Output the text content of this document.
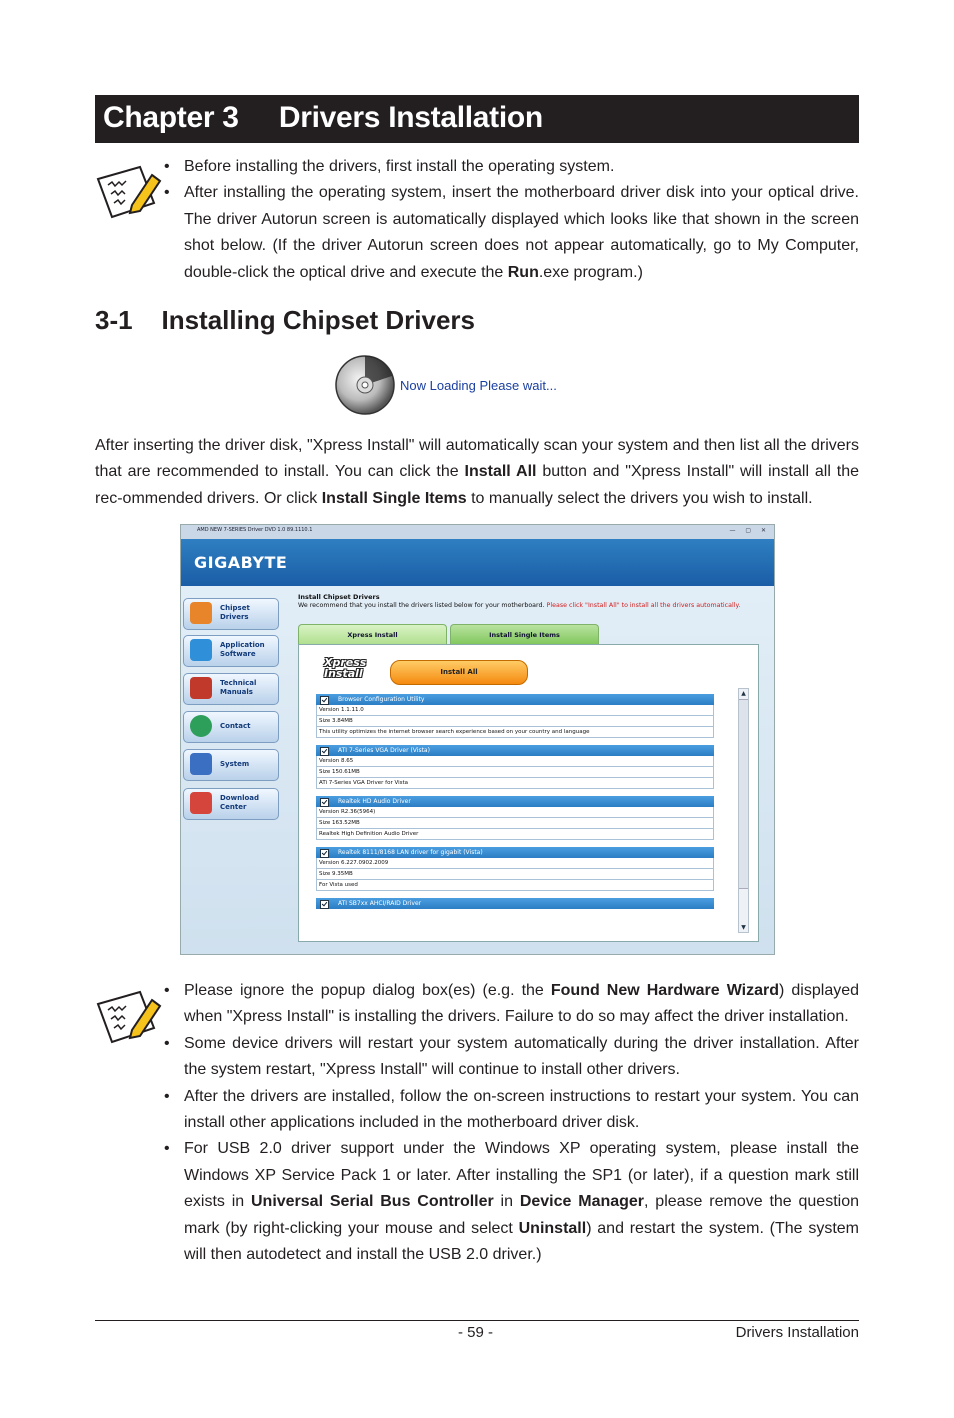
Chapter 3 Drivers Installation
• Before installing the drivers, first install the operating system.
• After installing the operating system, insert the motherboard driver disk into your optical drive. The driver Autorun screen is automatically displayed which looks like that shown in the screen shot below. (If the driver Autorun screen does not appear automatically, go to My Computer, double-click the optical drive and execute the Run.exe program.)
3-1 Installing Chipset Drivers
Now Loading Please wait...
After inserting the driver disk, "Xpress Install" will automatically scan your system and then list all the drivers that are recommended to install. You can click the Install All button and "Xpress Install" will install all the rec-ommended drivers. Or click Install Single Items to manually select the drivers you wish to install.
AMD NEW 7-SERIES Driver DVD 1.0 89.1110.1	— ▢ ✕
GIGABYTE
Chipset Drivers
Application Software
Technical Manuals
Contact
System
Download Center
Install Chipset Drivers
We recommend that you install the drivers listed below for your motherboard. Please click "Install All" to install all the drivers automatically.
Xpress Install	Install Single Items
Xpress Install	Install All
Browser Configuration Utility
Version 1.1.11.0
Size 3.84MB
This utility optimizes the internet browser search experience based on your country and language
ATI 7-Series VGA Driver (Vista)
Version 8.65
Size 150.61MB
ATi 7-Series VGA Driver for Vista
Realtek HD Audio Driver
Version R2.36(5964)
Size 163.52MB
Realtek High Definition Audio Driver
Realtek 8111/8168 LAN driver for gigabit (Vista)
Version 6.227.0902.2009
Size 9.35MB
For Vista used
ATI SB7xx AHCI/RAID Driver
▲
▼
• Please ignore the popup dialog box(es) (e.g. the Found New Hardware Wizard) displayed when "Xpress Install" is installing the drivers. Failure to do so may affect the driver installation.
• Some device drivers will restart your system automatically during the driver installation. After the system restart, "Xpress Install" will continue to install other drivers.
• After the drivers are installed, follow the on-screen instructions to restart your system. You can install other applications included in the motherboard driver disk.
• For USB 2.0 driver support under the Windows XP operating system, please install the Windows XP Service Pack 1 or later. After installing the SP1 (or later), if a question mark still exists in Universal Serial Bus Controller in Device Manager, please remove the question mark (by right-clicking your mouse and select Uninstall) and restart the system. (The system will then autodetect and install the USB 2.0 driver.)
- 59 -	Drivers Installation
